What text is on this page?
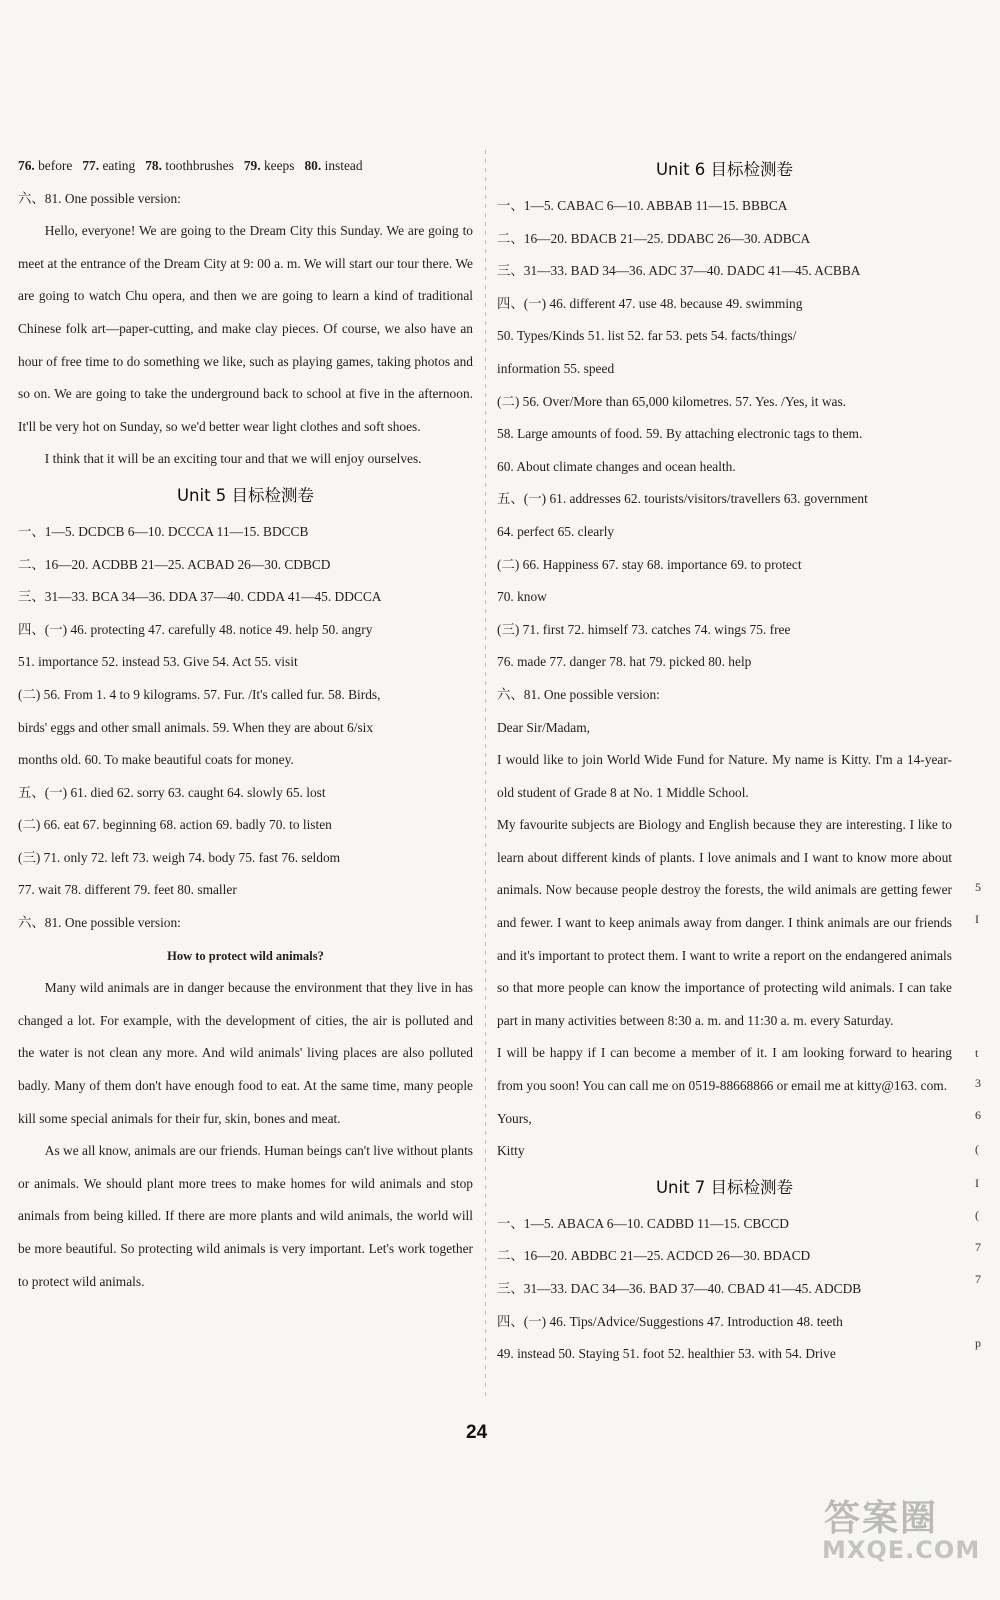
76. before 77. eating 78. toothbrushes 79. keeps 80. instead
六、81. One possible version:

Hello, everyone! We are going to the Dream City this Sunday. We are going to meet at the entrance of the Dream City at 9: 00 a. m. We will start our tour there. We are going to watch Chu opera, and then we are going to learn a kind of traditional Chinese folk art—paper-cutting, and make clay pieces. Of course, we also have an hour of free time to do something we like, such as playing games, taking photos and so on. We are going to take the underground back to school at five in the afternoon. It'll be very hot on Sunday, so we'd better wear light clothes and soft shoes.

I think that it will be an exciting tour and that we will enjoy ourselves.

Unit 5 目标检测卷
一、1—5. DCDCB 6—10. DCCCA 11—15. BDCCB
二、16—20. ACDBB 21—25. ACBAD 26—30. CDBCD
三、31—33. BCA 34—36. DDA 37—40. CDDA 41—45. DDCCA
四、(一) 46. protecting 47. carefully 48. notice 49. help 50. angry
51. importance 52. instead 53. Give 54. Act 55. visit
(二) 56. From 1. 4 to 9 kilograms. 57. Fur. /It's called fur. 58. Birds,
birds' eggs and other small animals. 59. When they are about 6/six
months old. 60. To make beautiful coats for money.
五、(一) 61. died 62. sorry 63. caught 64. slowly 65. lost
(二) 66. eat 67. beginning 68. action 69. badly 70. to listen
(三) 71. only 72. left 73. weigh 74. body 75. fast 76. seldom
77. wait 78. different 79. feet 80. smaller
六、81. One possible version:
How to protect wild animals?

Many wild animals are in danger because the environment that they live in has changed a lot. For example, with the development of cities, the air is polluted and the water is not clean any more. And wild animals' living places are also polluted badly. Many of them don't have enough food to eat. At the same time, many people kill some special animals for their fur, skin, bones and meat.

As we all know, animals are our friends. Human beings can't live without plants or animals. We should plant more trees to make homes for wild animals and stop animals from being killed. If there are more plants and wild animals, the world will be more beautiful. So protecting wild animals is very important. Let's work together to protect wild animals.

Unit 6 目标检测卷
一、1—5. CABAC 6—10. ABBAB 11—15. BBBCA
二、16—20. BDACB 21—25. DDABC 26—30. ADBCA
三、31—33. BAD 34—36. ADC 37—40. DADC 41—45. ACBBA
四、(一) 46. different 47. use 48. because 49. swimming
50. Types/Kinds 51. list 52. far 53. pets 54. facts/things/
information 55. speed
(二) 56. Over/More than 65,000 kilometres. 57. Yes. /Yes, it was.
58. Large amounts of food. 59. By attaching electronic tags to them.
60. About climate changes and ocean health.
五、(一) 61. addresses 62. tourists/visitors/travellers 63. government
64. perfect 65. clearly
(二) 66. Happiness 67. stay 68. importance 69. to protect
70. know
(三) 71. first 72. himself 73. catches 74. wings 75. free
76. made 77. danger 78. hat 79. picked 80. help
六、81. One possible version:
Dear Sir/Madam,

I would like to join World Wide Fund for Nature. My name is Kitty. I'm a 14-year-old student of Grade 8 at No. 1 Middle School.

My favourite subjects are Biology and English because they are interesting. I like to learn about different kinds of plants. I love animals and I want to know more about animals. Now because people destroy the forests, the wild animals are getting fewer and fewer. I want to keep animals away from danger. I think animals are our friends and it's important to protect them. I want to write a report on the endangered animals so that more people can know the importance of protecting wild animals. I can take part in many activities between 8:30 a. m. and 11:30 a. m. every Saturday.

I will be happy if I can become a member of it. I am looking forward to hearing from you soon! You can call me on 0519-88668866 or email me at kitty@163. com.

Yours,
Kitty
Unit 7 目标检测卷
一、1—5. ABACA 6—10. CADBD 11—15. CBCCD
二、16—20. ABDBC 21—25. ACDCD 26—30. BDACD
三、31—33. DAC 34—36. BAD 37—40. CBAD 41—45. ADCDB
四、(一) 46. Tips/Advice/Suggestions 47. Introduction 48. teeth
49. instead 50. Staying 51. foot 52. healthier 53. with 54. Drive
5
I
t
3
6
(
I
(
7
7
p
24
答案圈
MXQE.COM
